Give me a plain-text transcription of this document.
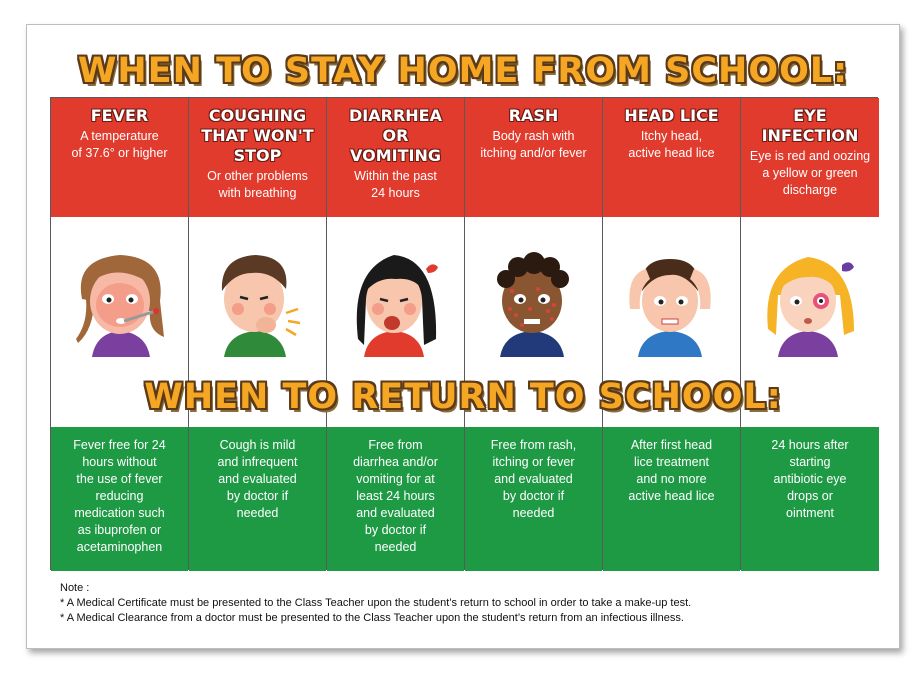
WHEN TO STAY HOME FROM SCHOOL:
FEVER
A temperature
of 37.6° or higher
Fever free for 24
hours without
the use of fever
reducing
medication such
as ibuprofen or
acetaminophen
COUGHING
THAT WON'T
STOP
Or other problems
with breathing
Cough is mild
and infrequent
and evaluated
by doctor if
needed
DIARRHEA
OR
VOMITING
Within the past
24 hours
Free from
diarrhea and/or
vomiting for at
least 24 hours
and evaluated
by doctor if
needed
RASH
Body rash with
itching and/or fever
Free from rash,
itching or fever
and evaluated
by doctor if
needed
HEAD LICE
Itchy head,
active head lice
After first head
lice treatment
and no more
active head lice
EYE
INFECTION
Eye is red and oozing
a yellow or green
discharge
24 hours after
starting
antibiotic eye
drops or
ointment
WHEN TO RETURN TO SCHOOL:
Note :
* A Medical Certificate must be presented to the Class Teacher upon the student’s return to school in order to take a make-up test.
* A Medical Clearance from a doctor must be presented to the Class Teacher upon the student’s return from an infectious illness.
